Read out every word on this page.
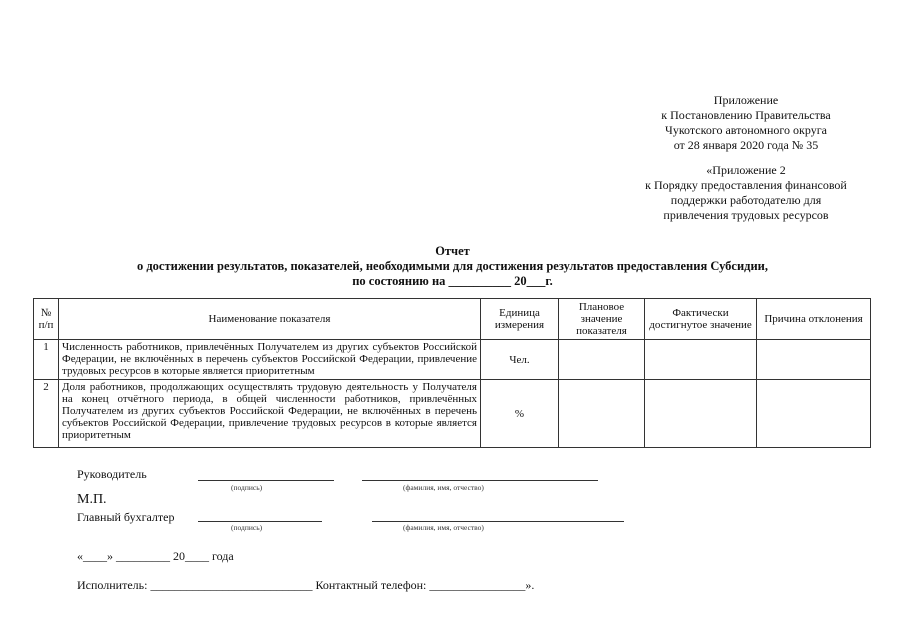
Приложение
к Постановлению Правительства
Чукотского автономного округа
от 28 января 2020 года № 35
«Приложение 2
к Порядку предоставления финансовой
поддержки работодателю для
привлечения трудовых ресурсов
Отчет
о достижении результатов, показателей, необходимыми для достижения результатов предоставления Субсидии,
по состоянию на __________ 20___г.
№ п/п	Наименование показателя	Единица измерения	Плановое значение показателя	Фактически достигнутое значение	Причина отклонения
1	Численность работников, привлечённых Получателем из других субъектов Российской Федерации, не включённых в перечень субъектов Российской Федерации, привлечение трудовых ресурсов в которые является приоритетным	Чел.			
2	Доля работников, продолжающих осуществлять трудовую деятельность у Получателя на конец отчётного периода, в общей численности работников, привлечённых Получателем из других субъектов Российской Федерации, не включённых в перечень субъектов Российской Федерации, привлечение трудовых ресурсов в которые является приоритетным	%			
Руководитель
(подпись)	(фамилия, имя, отчество)
М.П.
Главный бухгалтер
(подпись)	(фамилия, имя, отчество)
«____» _________ 20____ года
Исполнитель: ___________________________ Контактный телефон: ________________».
